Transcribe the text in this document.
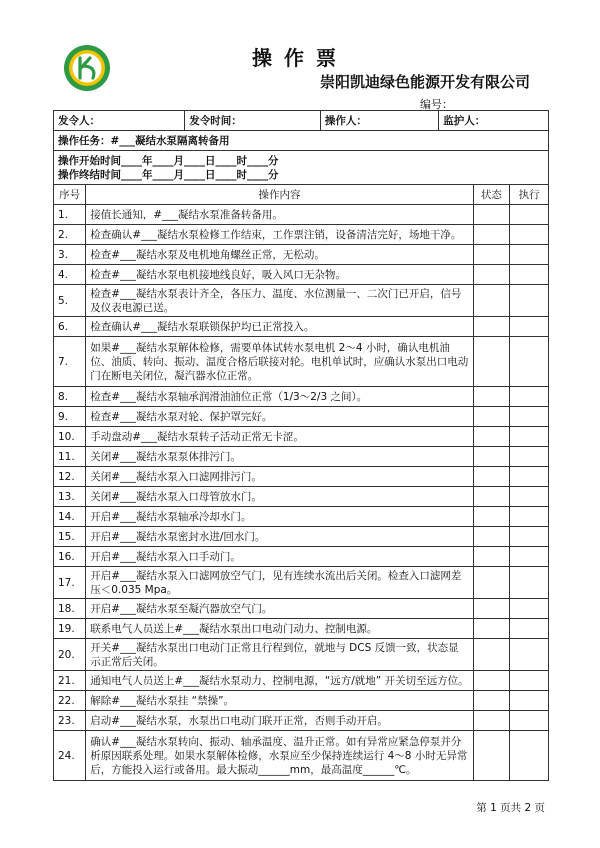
操作票
崇阳凯迪绿色能源开发有限公司
编号：
发令人：		发令时间：	操作人：	监护人：		
操作任务：#___凝结水泵隔离转备用						

操作开始时间____年____月____日____时____分
操作终结时间____年____月____日____时____分						

序号	操作内容				状态	执行
1.	接值长通知，#___凝结水泵准备转备用。					
2.	检查确认#___凝结水泵检修工作结束，工作票注销，设备清洁完好，场地干净。					
3.	检查#___凝结水泵及电机地角螺丝正常，无松动。					
4.	检查#___凝结水泵电机接地线良好，吸入风口无杂物。					
5.	检查#___凝结水泵表计齐全，各压力、温度、水位测量一、二次门已开启，信号及仪表电源已送。					
6.	检查确认#___凝结水泵联锁保护均已正常投入。					
7.	如果#___凝结水泵解体检修，需要单体试转水泵电机 2～4 小时，确认电机油位、油质、转向、振动、温度合格后联接对轮。电机单试时，应确认水泵出口电动门在断电关闭位，凝汽器水位正常。					
8.	检查#___凝结水泵轴承润滑油油位正常（1/3～2/3 之间）。					
9.	检查#___凝结水泵对轮、保护罩完好。					
10.	手动盘动#___凝结水泵转子活动正常无卡涩。					
11.	关闭#___凝结水泵泵体排污门。					
12.	关闭#___凝结水泵入口滤网排污门。					
13.	关闭#___凝结水泵入口母管放水门。					
14.	开启#___凝结水泵轴承冷却水门。					
15.	开启#___凝结水泵密封水进/回水门。					
16.	开启#___凝结水泵入口手动门。					
17.	开启#___凝结水泵入口滤网放空气门，见有连续水流出后关闭。检查入口滤网差压＜0.035 Mpa。					
18.	开启#___凝结水泵至凝汽器放空气门。					
19.	联系电气人员送上#___凝结水泵出口电动门动力、控制电源。					
20.	开关#___凝结水泵出口电动门正常且行程到位，就地与 DCS 反馈一致，状态显示正常后关闭。					
21.	通知电气人员送上#___凝结水泵动力、控制电源，“远方/就地” 开关切至远方位。					
22.	解除#___凝结水泵挂 “禁操”。					
23.	启动#___凝结水泵，水泵出口电动门联开正常，否则手动开启。					
24.	确认#___凝结水泵转向、振动、轴承温度、温升正常。如有异常应紧急停泵并分析原因联系处理。如果水泵解体检修，水泵应至少保持连续运行 4～8 小时无异常后，方能投入运行或备用。最大振动______mm，最高温度______℃。					
第 1 页共 2 页
